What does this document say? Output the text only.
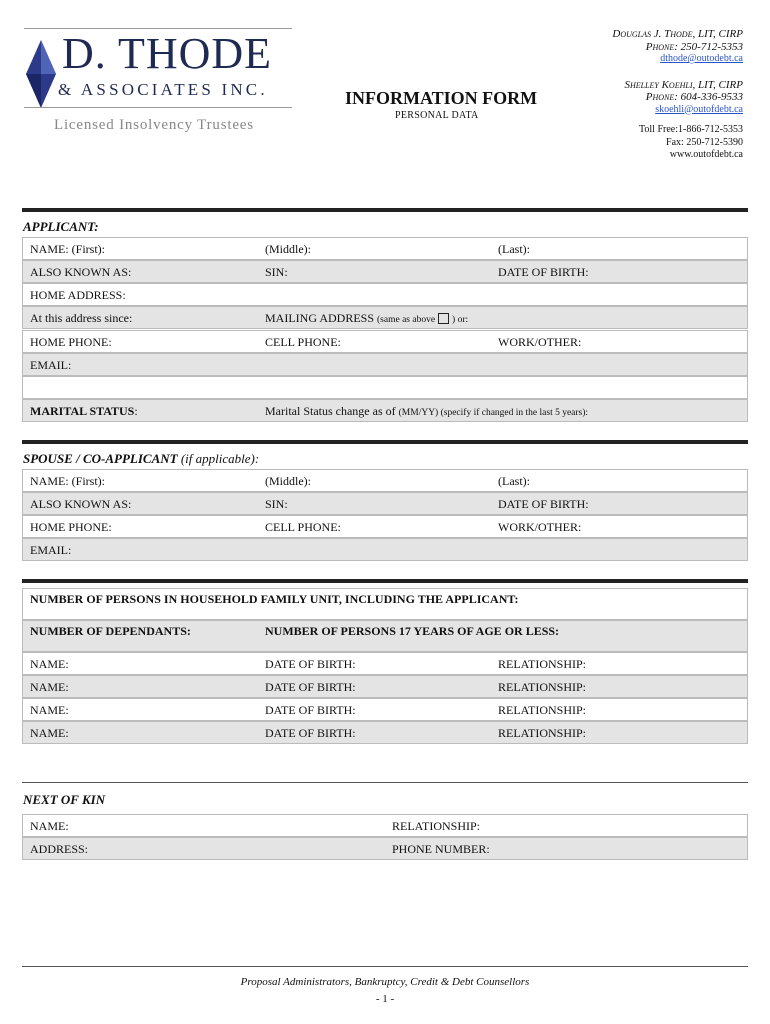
D. THODE
& ASSOCIATES INC.
Licensed Insolvency Trustees
INFORMATION FORM
PERSONAL DATA
Douglas J. Thode, LIT, CIRP
Phone: 250-712-5353
dthode@outodebt.ca
Shelley Koehli, LIT, CIRP
Phone: 604-336-9533
skoehli@outofdebt.ca
Toll Free:1-866-712-5353
Fax: 250-712-5390
www.outofdebt.ca
APPLICANT:
NAME: (First):	(Middle):	(Last):
ALSO KNOWN AS:	SIN:	DATE OF BIRTH:
HOME ADDRESS:
At this address since:	MAILING ADDRESS (same as above ) or:
HOME PHONE:	CELL PHONE:	WORK/OTHER:
EMAIL:
MARITAL STATUS:	Marital Status change as of (MM/YY) (specify if changed in the last 5 years):
SPOUSE / CO-APPLICANT (if applicable):
NAME: (First):	(Middle):	(Last):
ALSO KNOWN AS:	SIN:	DATE OF BIRTH:
HOME PHONE:	CELL PHONE:	WORK/OTHER:
EMAIL:
NUMBER OF PERSONS IN HOUSEHOLD FAMILY UNIT, INCLUDING THE APPLICANT:
NUMBER OF DEPENDANTS:	NUMBER OF PERSONS 17 YEARS OF AGE OR LESS:
NAME:	DATE OF BIRTH:	RELATIONSHIP:
NAME:	DATE OF BIRTH:	RELATIONSHIP:
NAME:	DATE OF BIRTH:	RELATIONSHIP:
NAME:	DATE OF BIRTH:	RELATIONSHIP:
NEXT OF KIN
NAME:	RELATIONSHIP:
ADDRESS:	PHONE NUMBER:
Proposal Administrators, Bankruptcy, Credit & Debt Counsellors
- 1 -
